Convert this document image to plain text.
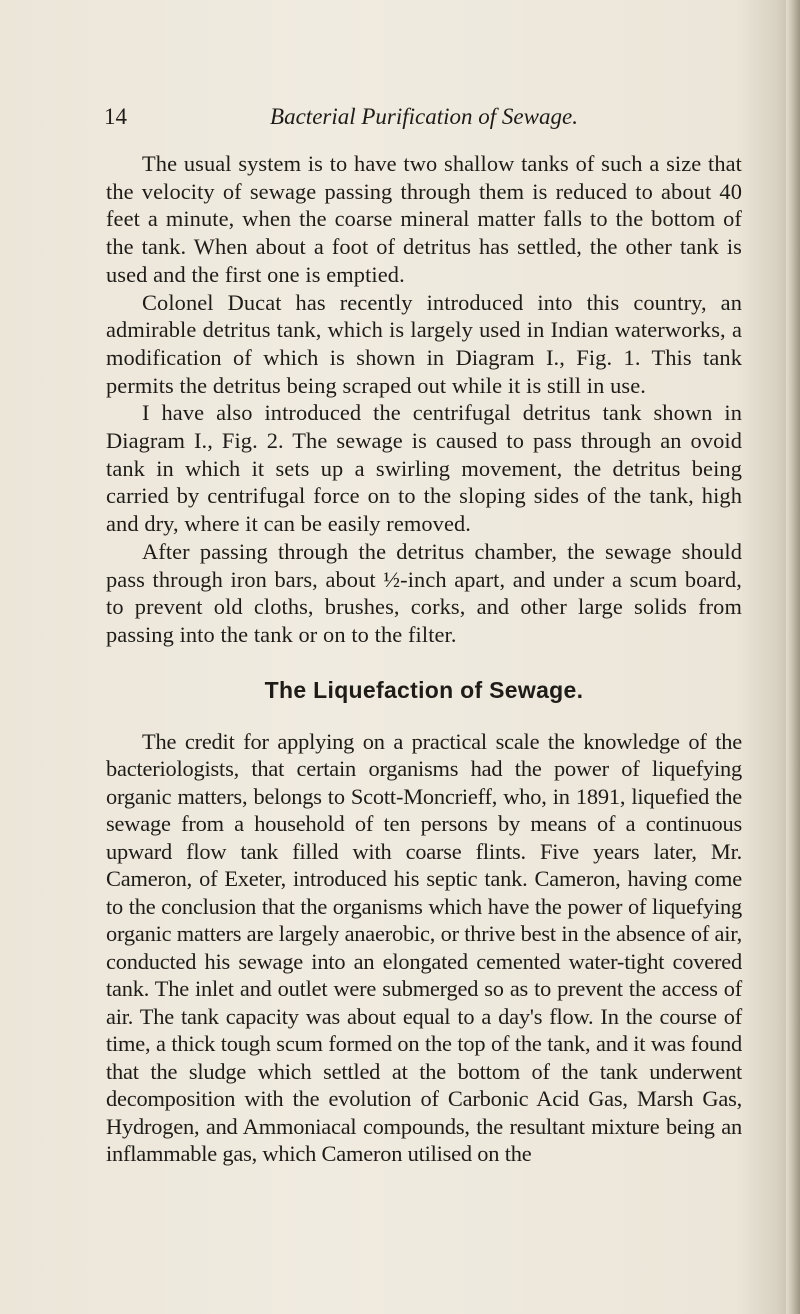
14	Bacterial Purification of Sewage.

The usual system is to have two shallow tanks of such a size that the velocity of sewage passing through them is reduced to about 40 feet a minute, when the coarse mineral matter falls to the bottom of the tank. When about a foot of detritus has settled, the other tank is used and the first one is emptied.

Colonel Ducat has recently introduced into this country, an admirable detritus tank, which is largely used in Indian waterworks, a modification of which is shown in Diagram I., Fig. 1. This tank permits the detritus being scraped out while it is still in use.

I have also introduced the centrifugal detritus tank shown in Diagram I., Fig. 2. The sewage is caused to pass through an ovoid tank in which it sets up a swirling movement, the detritus being carried by centrifugal force on to the sloping sides of the tank, high and dry, where it can be easily removed.

After passing through the detritus chamber, the sewage should pass through iron bars, about ½-inch apart, and under a scum board, to prevent old cloths, brushes, corks, and other large solids from passing into the tank or on to the filter.

The Liquefaction of Sewage.

The credit for applying on a practical scale the knowledge of the bacteriologists, that certain organisms had the power of liquefying organic matters, belongs to Scott-Moncrieff, who, in 1891, liquefied the sewage from a household of ten persons by means of a continuous upward flow tank filled with coarse flints. Five years later, Mr. Cameron, of Exeter, introduced his septic tank. Cameron, having come to the conclusion that the organisms which have the power of liquefying organic matters are largely anaerobic, or thrive best in the absence of air, conducted his sewage into an elongated cemented water-tight covered tank. The inlet and outlet were submerged so as to prevent the access of air. The tank capacity was about equal to a day's flow. In the course of time, a thick tough scum formed on the top of the tank, and it was found that the sludge which settled at the bottom of the tank underwent decomposition with the evolution of Carbonic Acid Gas, Marsh Gas, Hydrogen, and Ammoniacal compounds, the resultant mixture being an inflammable gas, which Cameron utilised on the
